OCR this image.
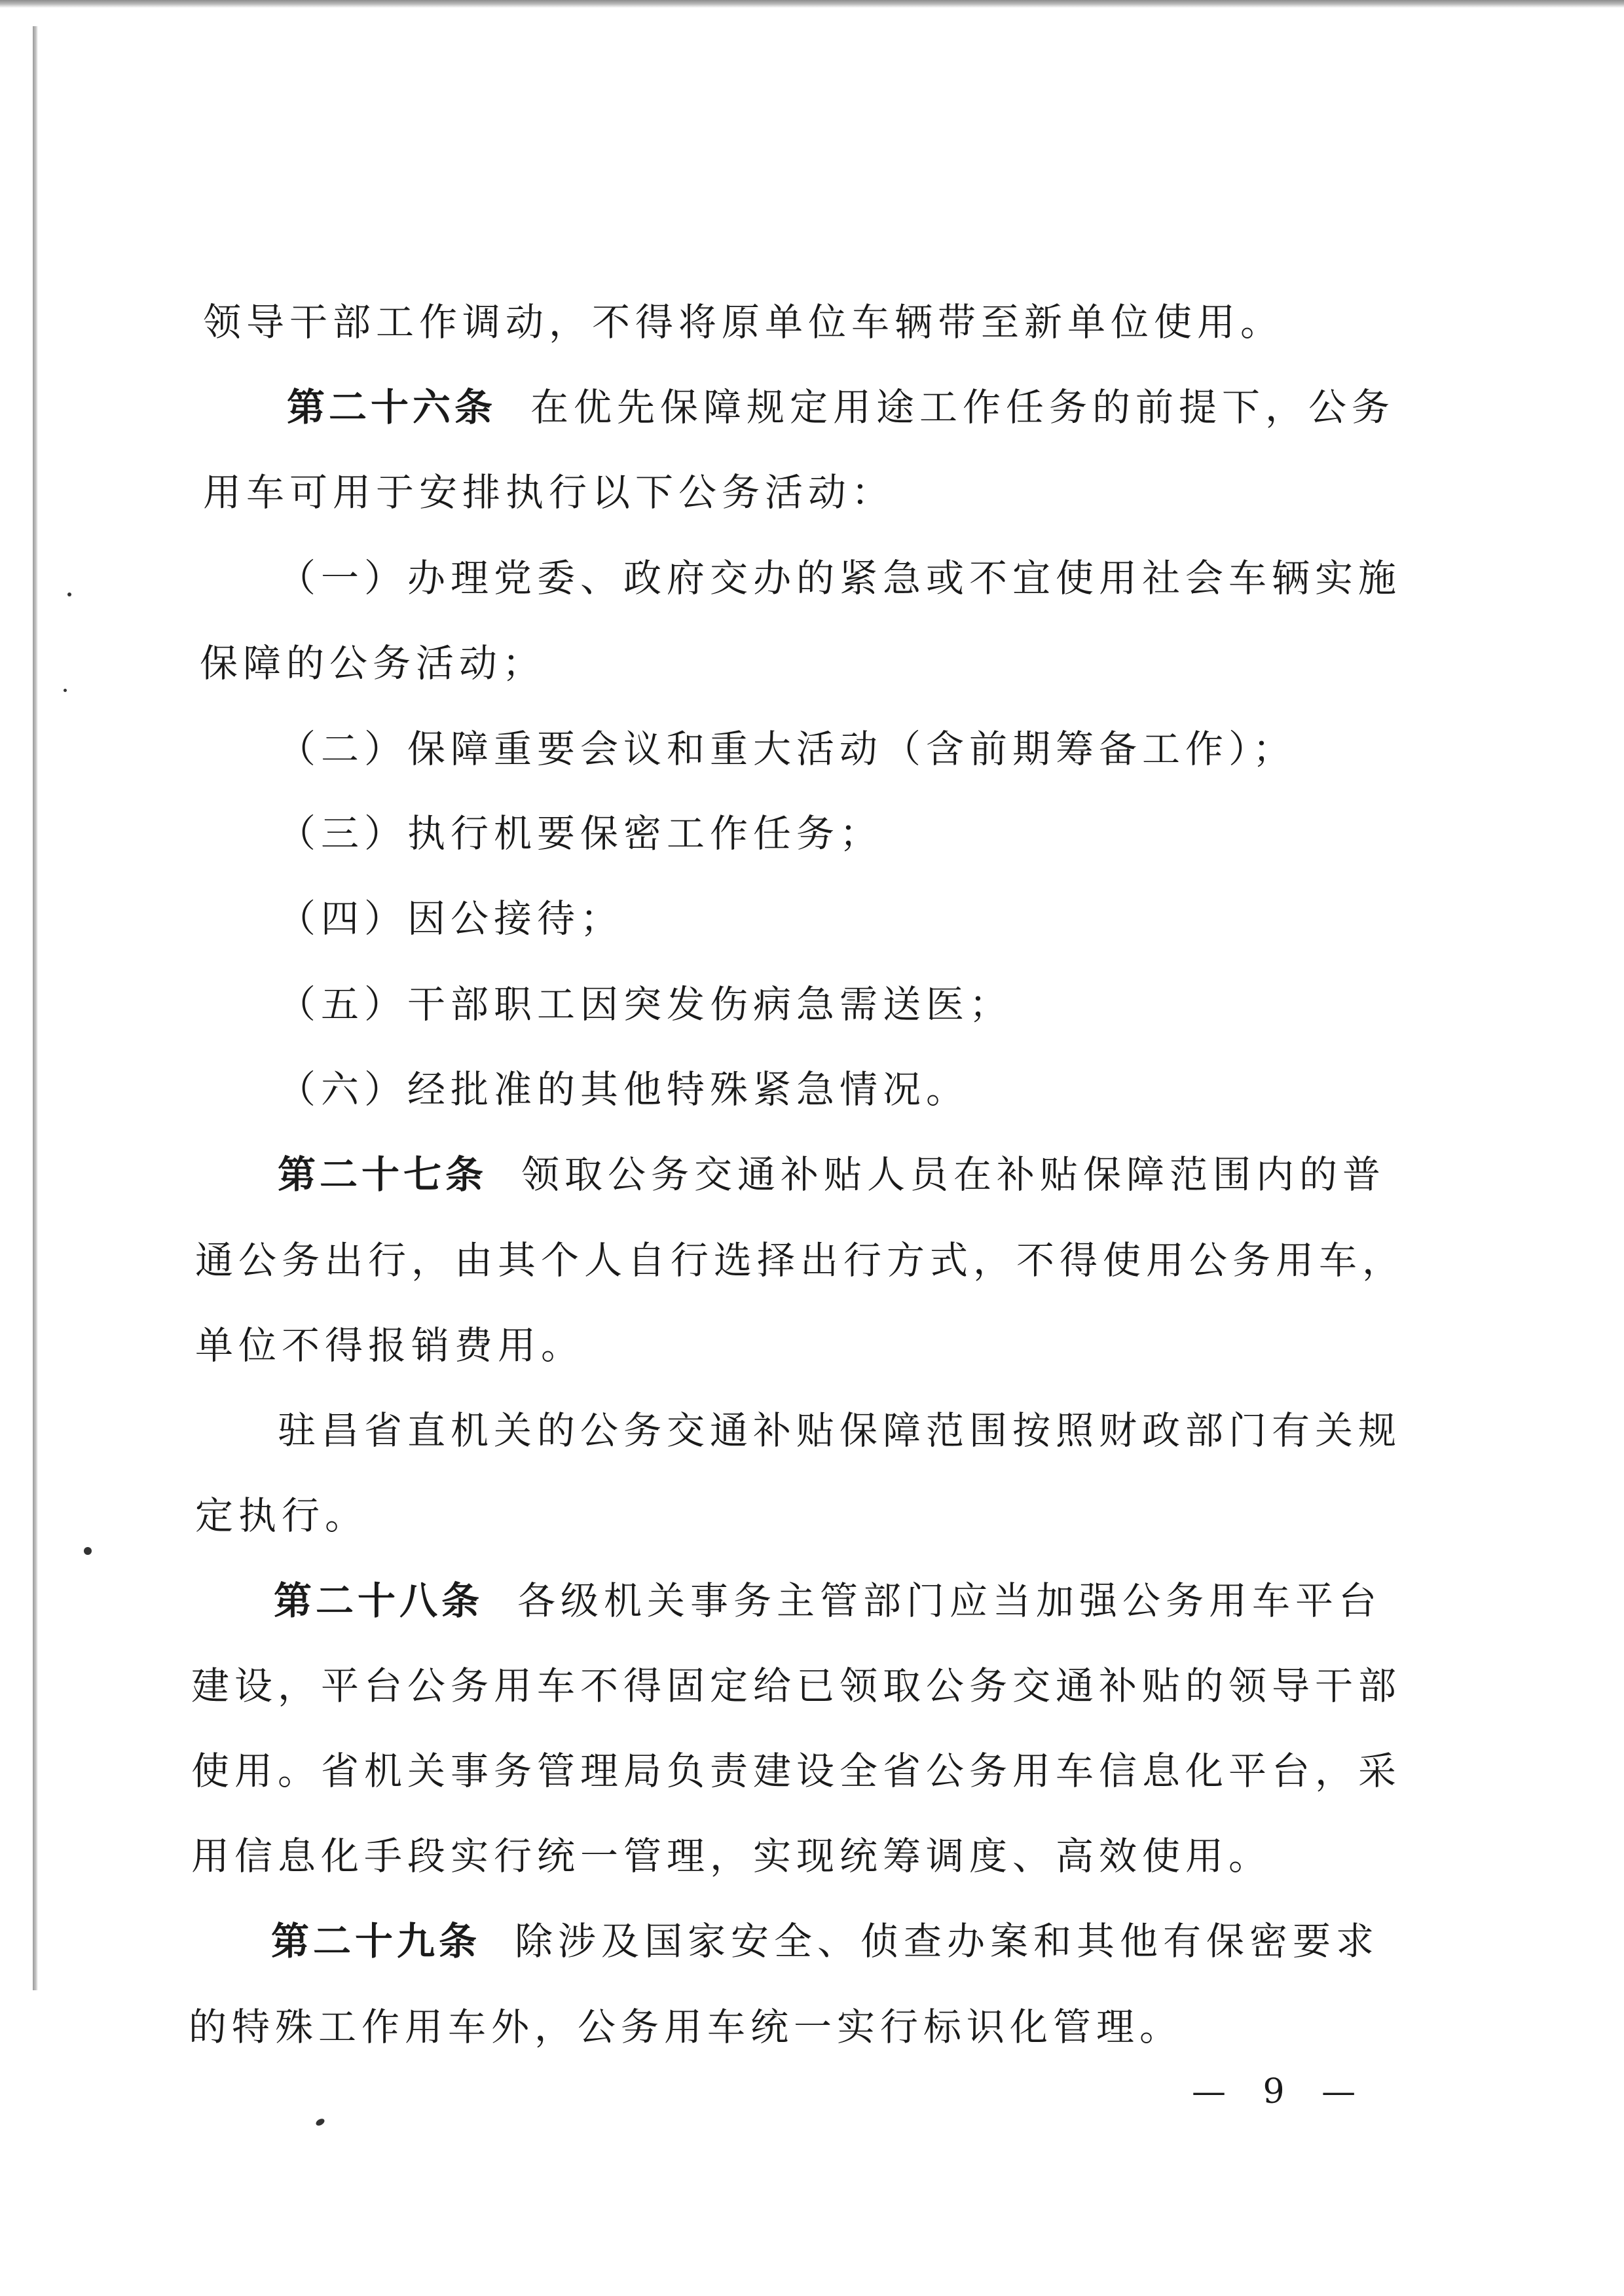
领导干部工作调动，不得将原单位车辆带至新单位使用。
第二十六条 在优先保障规定用途工作任务的前提下，公务
用车可用于安排执行以下公务活动：
（一）办理党委、政府交办的紧急或不宜使用社会车辆实施
保障的公务活动；
（二）保障重要会议和重大活动（含前期筹备工作）；
（三）执行机要保密工作任务；
（四）因公接待；
（五）干部职工因突发伤病急需送医；
（六）经批准的其他特殊紧急情况。
第二十七条 领取公务交通补贴人员在补贴保障范围内的普
通公务出行，由其个人自行选择出行方式，不得使用公务用车，
单位不得报销费用。
驻昌省直机关的公务交通补贴保障范围按照财政部门有关规
定执行。
第二十八条 各级机关事务主管部门应当加强公务用车平台
建设，平台公务用车不得固定给已领取公务交通补贴的领导干部
使用。省机关事务管理局负责建设全省公务用车信息化平台，采
用信息化手段实行统一管理，实现统筹调度、高效使用。
第二十九条 除涉及国家安全、侦查办案和其他有保密要求
的特殊工作用车外，公务用车统一实行标识化管理。
— 9 —
